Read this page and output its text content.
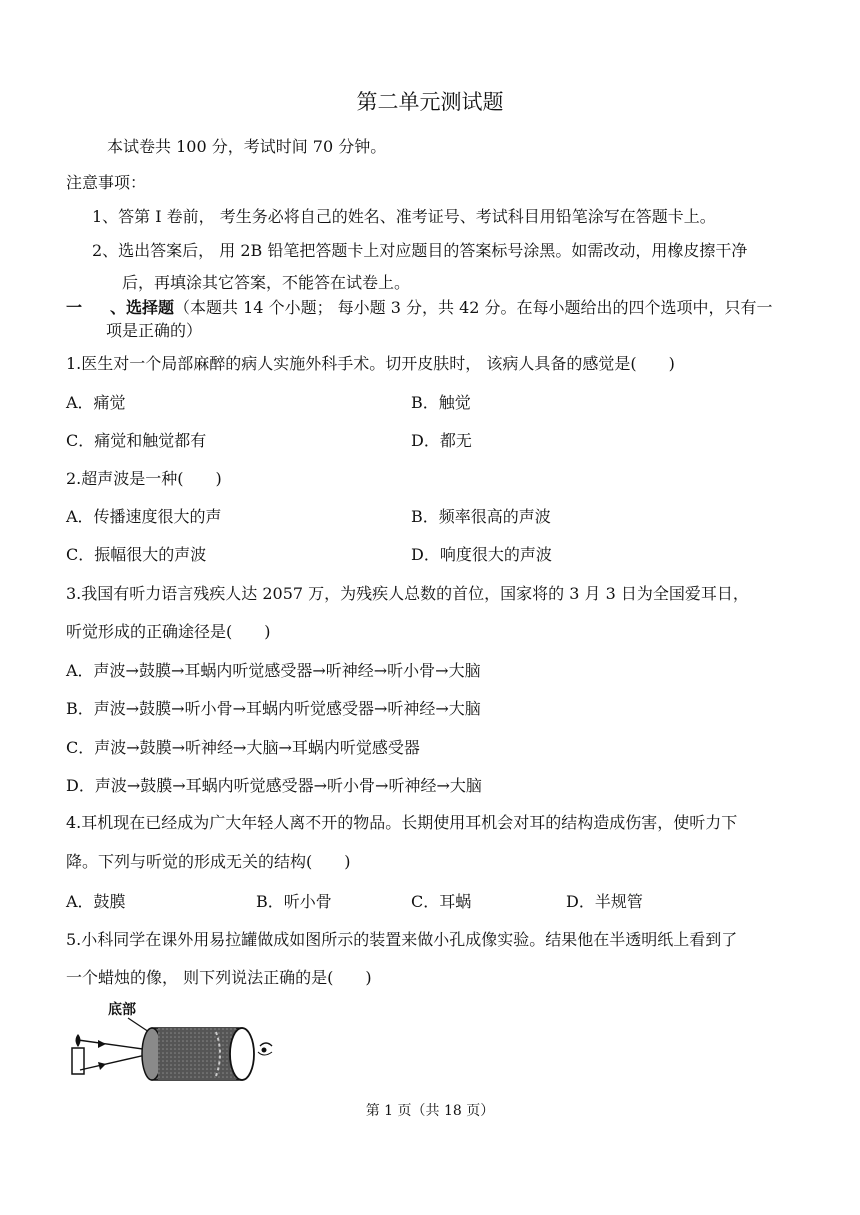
第二单元测试题
本试卷共 100 分，考试时间 70 分钟。
注意事项：
1、答第 I 卷前， 考生务必将自己的姓名、准考证号、考试科目用铅笔涂写在答题卡上。
2、选出答案后， 用 2B 铅笔把答题卡上对应题目的答案标号涂黑。如需改动，用橡皮擦干净
后，再填涂其它答案，不能答在试卷上。
一 、选择题（本题共 14 个小题； 每小题 3 分，共 42 分。在每小题给出的四个选项中，只有一
项是正确的）
1.医生对一个局部麻醉的病人实施外科手术。切开皮肤时， 该病人具备的感觉是(　　)
A．痛觉	B．触觉
C．痛觉和触觉都有	D．都无
2.超声波是一种(　　)
A．传播速度很大的声	B．频率很高的声波
C．振幅很大的声波	D．响度很大的声波
3.我国有听力语言残疾人达 2057 万，为残疾人总数的首位，国家将的 3 月 3 日为全国爱耳日，
听觉形成的正确途径是(　　)
A．声波→鼓膜→耳蜗内听觉感受器→听神经→听小骨→大脑
B．声波→鼓膜→听小骨→耳蜗内听觉感受器→听神经→大脑
C．声波→鼓膜→听神经→大脑→耳蜗内听觉感受器
D．声波→鼓膜→耳蜗内听觉感受器→听小骨→听神经→大脑
4.耳机现在已经成为广大年轻人离不开的物品。长期使用耳机会对耳的结构造成伤害，使听力下
降。下列与听觉的形成无关的结构(　　)
A．鼓膜	B．听小骨	C．耳蜗	D．半规管
5.小科同学在课外用易拉罐做成如图所示的装置来做小孔成像实验。结果他在半透明纸上看到了
一个蜡烛的像， 则下列说法正确的是(　　)
底部
第 1 页（共 18 页）
